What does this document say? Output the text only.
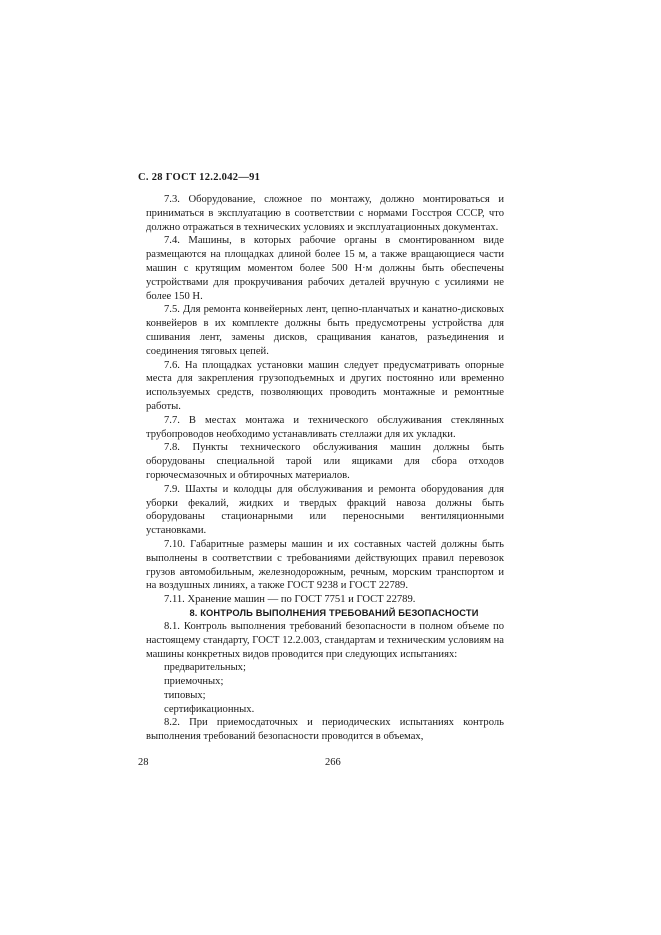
С. 28 ГОСТ 12.2.042—91

7.3. Оборудование, сложное по монтажу, должно монтироваться и приниматься в эксплуатацию в соответствии с нормами Госстроя СССР, что должно отражаться в технических условиях и эксплуатационных документах.

7.4. Машины, в которых рабочие органы в смонтированном виде размещаются на площадках длиной более 15 м, а также вращающиеся части машин с крутящим моментом более 500 Н·м должны быть обеспечены устройствами для прокручивания рабочих деталей вручную с усилиями не более 150 Н.

7.5. Для ремонта конвейерных лент, цепно-планчатых и канатно-дисковых конвейеров в их комплекте должны быть предусмотрены устройства для сшивания лент, замены дисков, сращивания канатов, разъединения и соединения тяговых цепей.

7.6. На площадках установки машин следует предусматривать опорные места для закрепления грузоподъемных и других постоянно или временно используемых средств, позволяющих проводить монтажные и ремонтные работы.

7.7. В местах монтажа и технического обслуживания стеклянных трубопроводов необходимо устанавливать стеллажи для их укладки.

7.8. Пункты технического обслуживания машин должны быть оборудованы специальной тарой или ящиками для сбора отходов горючесмазочных и обтирочных материалов.

7.9. Шахты и колодцы для обслуживания и ремонта оборудования для уборки фекалий, жидких и твердых фракций навоза должны быть оборудованы стационарными или переносными вентиляционными установками.

7.10. Габаритные размеры машин и их составных частей должны быть выполнены в соответствии с требованиями действующих правил перевозок грузов автомобильным, железнодорожным, речным, морским транспортом и на воздушных линиях, а также ГОСТ 9238 и ГОСТ 22789.

7.11. Хранение машин — по ГОСТ 7751 и ГОСТ 22789.

8. КОНТРОЛЬ ВЫПОЛНЕНИЯ ТРЕБОВАНИЙ БЕЗОПАСНОСТИ

8.1. Контроль выполнения требований безопасности в полном объеме по настоящему стандарту, ГОСТ 12.2.003, стандартам и техническим условиям на машины конкретных видов проводится при следующих испытаниях:

предварительных;
приемочных;
типовых;
сертификационных.

8.2. При приемосдаточных и периодических испытаниях контроль выполнения требований безопасности проводится в объемах,

28	266
